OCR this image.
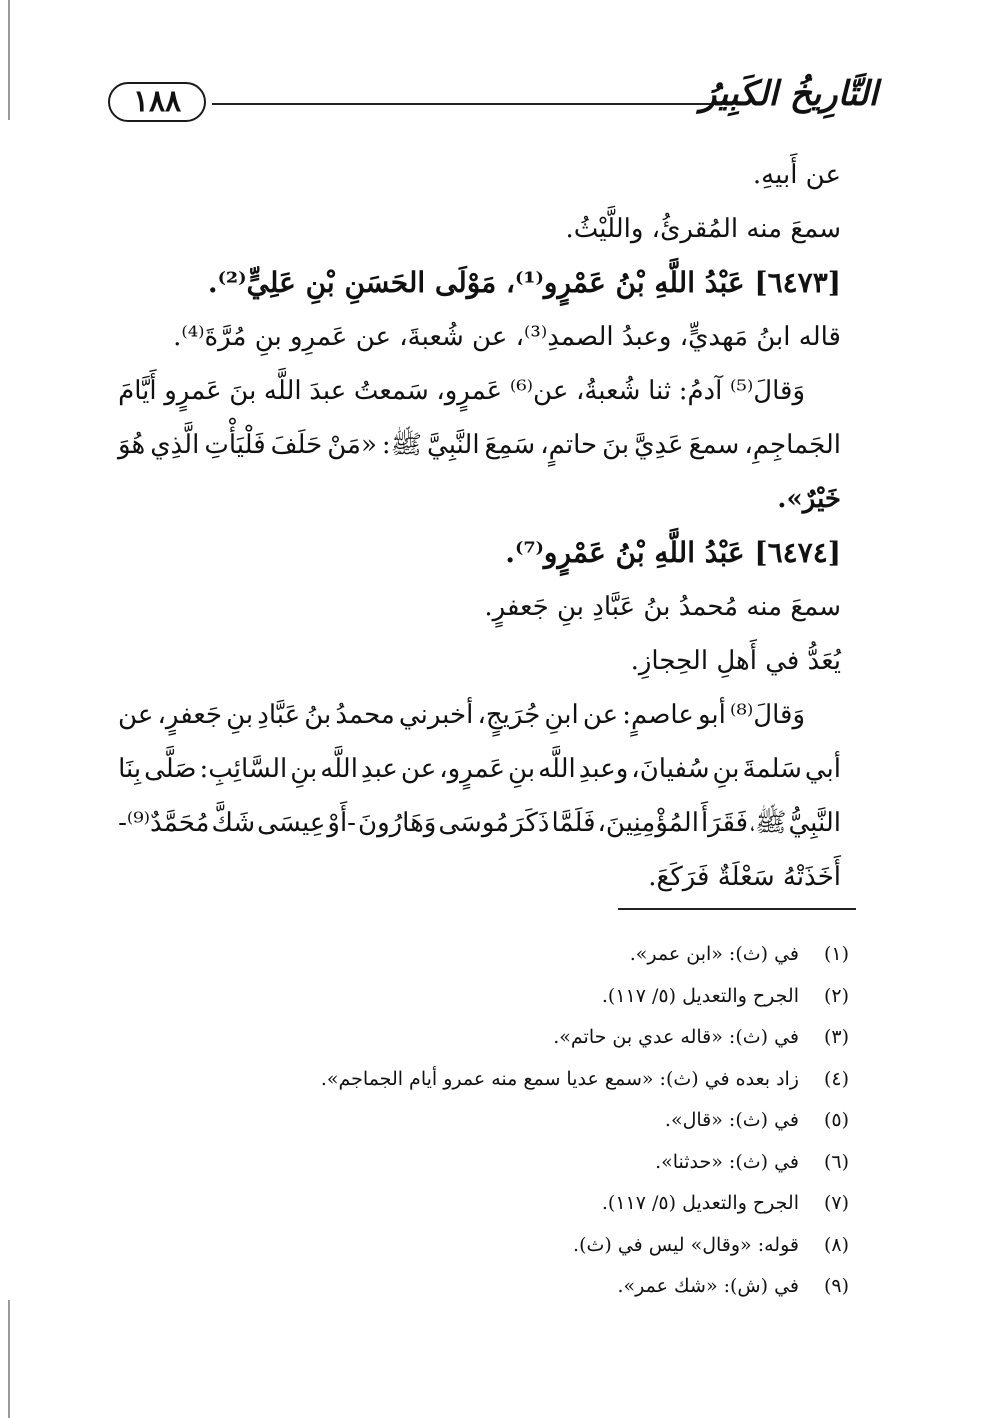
١٨٨	التَّارِيخُ الكَبِيرُ
عن أَبيهِ.
سمعَ منه المُقرئُ، واللَّيْثُ.
[٦٤٧٣] عَبْدُ اللَّهِ بْنُ عَمْرٍو⁽¹⁾، مَوْلَى الحَسَنِ بْنِ عَلِيٍّ⁽²⁾.
قاله ابنُ مَهديٍّ، وعبدُ الصمدِ⁽³⁾، عن شُعبةَ، عن عَمرِو بنِ مُرَّةَ⁽⁴⁾.
وَقالَ⁽⁵⁾
آدمُ:
ثنا
شُعبةُ،
عن⁽⁶⁾
عَمرٍو،
سَمعتُ
عبدَ
اللَّه
بنَ
عَمرٍو
أَيَّامَ
الجَماجِمِ،
سمعَ
عَدِيَّ
بنَ
حاتمٍ،
سَمِعَ
النَّبِيَّ
ﷺ:
«مَنْ
حَلَفَ
فَلْيَأْتِ
الَّذِي
هُوَ
خَيْرٌ».
[٦٤٧٤] عَبْدُ اللَّهِ بْنُ عَمْرٍو⁽⁷⁾.
سمعَ منه مُحمدُ بنُ عَبَّادِ بنِ جَعفرٍ.
يُعَدُّ في أَهلِ الحِجازِ.
وَقالَ⁽⁸⁾
أبو
عاصمٍ:
عن
ابنِ
جُرَيجٍ،
أخبرني
محمدُ
بنُ
عَبَّادِ
بنِ
جَعفرٍ،
عن
أبي
سَلمةَ
بنِ
سُفيانَ،
وعبدِ
اللَّه
بنِ
عَمرٍو،
عن
عبدِ
اللَّه
بنِ
السَّائِبِ:
صَلَّى
بِنَا
النَّبِيُّ
ﷺ،
فَقَرَأَ
المُؤْمِنِينَ،
فَلَمَّا
ذَكَرَ
مُوسَى
وَهَارُونَ
-أَوْ
عِيسَى
شَكَّ
مُحَمَّدٌ⁽⁹⁾-
أَخَذَتْهُ سَعْلَةٌ فَرَكَعَ.
(١)في (ث): «ابن عمر».
(٢)الجرح والتعديل (٥/ ١١٧).
(٣)في (ث): «قاله عدي بن حاتم».
(٤)زاد بعده في (ث): «سمع عديا سمع منه عمرو أيام الجماجم».
(٥)في (ث): «قال».
(٦)في (ث): «حدثنا».
(٧)الجرح والتعديل (٥/ ١١٧).
(٨)قوله: «وقال» ليس في (ث).
(٩)في (ش): «شك عمر».
